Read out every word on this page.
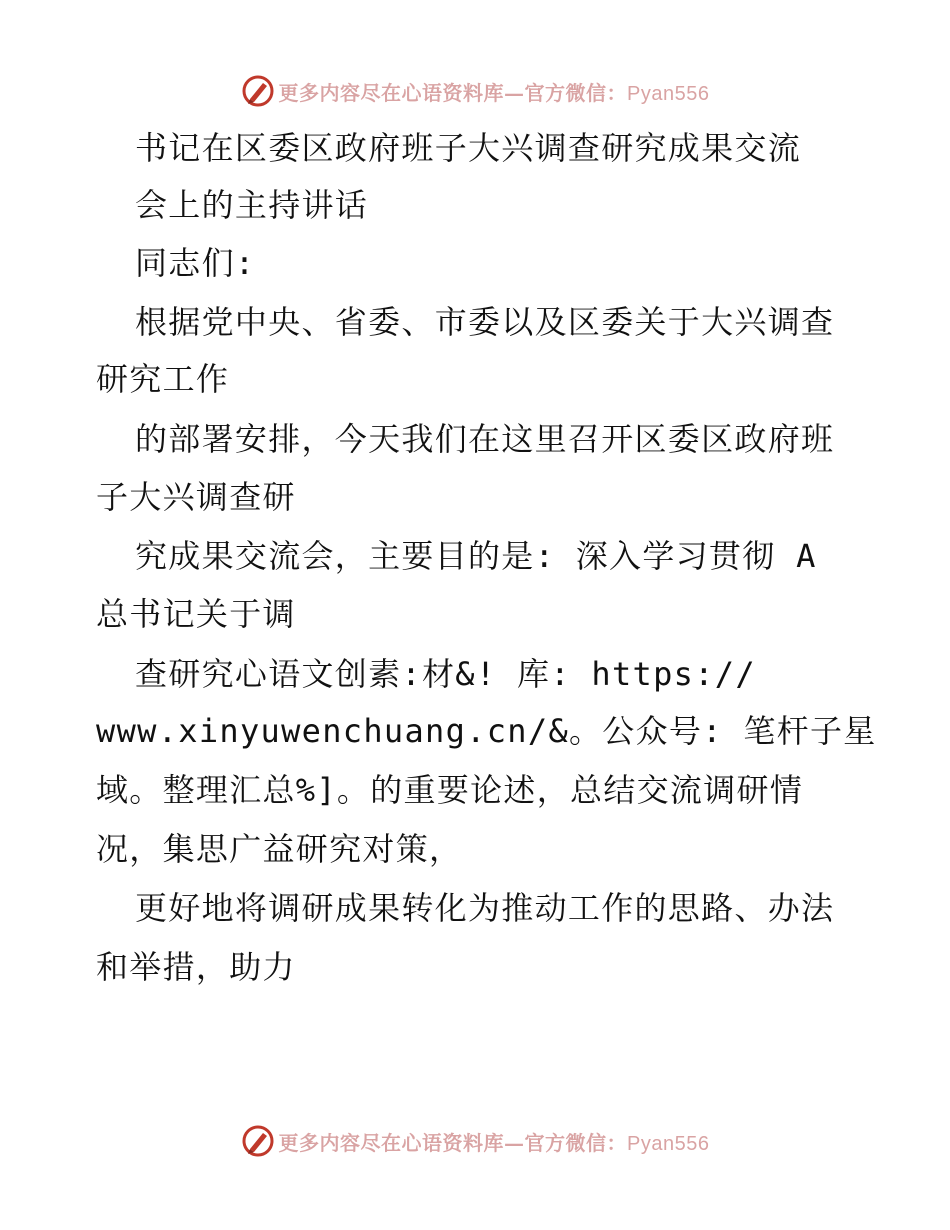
更多内容尽在心语资料库—官方微信：Pyan556
书记在区委区政府班子大兴调查研究成果交流
会上的主持讲话
同志们:
根据党中央、省委、市委以及区委关于大兴调查
研究工作
的部署安排，今天我们在这里召开区委区政府班
子大兴调查研
究成果交流会，主要目的是: 深入学习贯彻 A
总书记关于调
查研究心语文创素:材&! 库: https://
www.xinyuwenchuang.cn/&。公众号: 笔杆子星
域。整理汇总%]。的重要论述，总结交流调研情
况，集思广益研究对策，
更好地将调研成果转化为推动工作的思路、办法
和举措，助力
更多内容尽在心语资料库—官方微信：Pyan556
